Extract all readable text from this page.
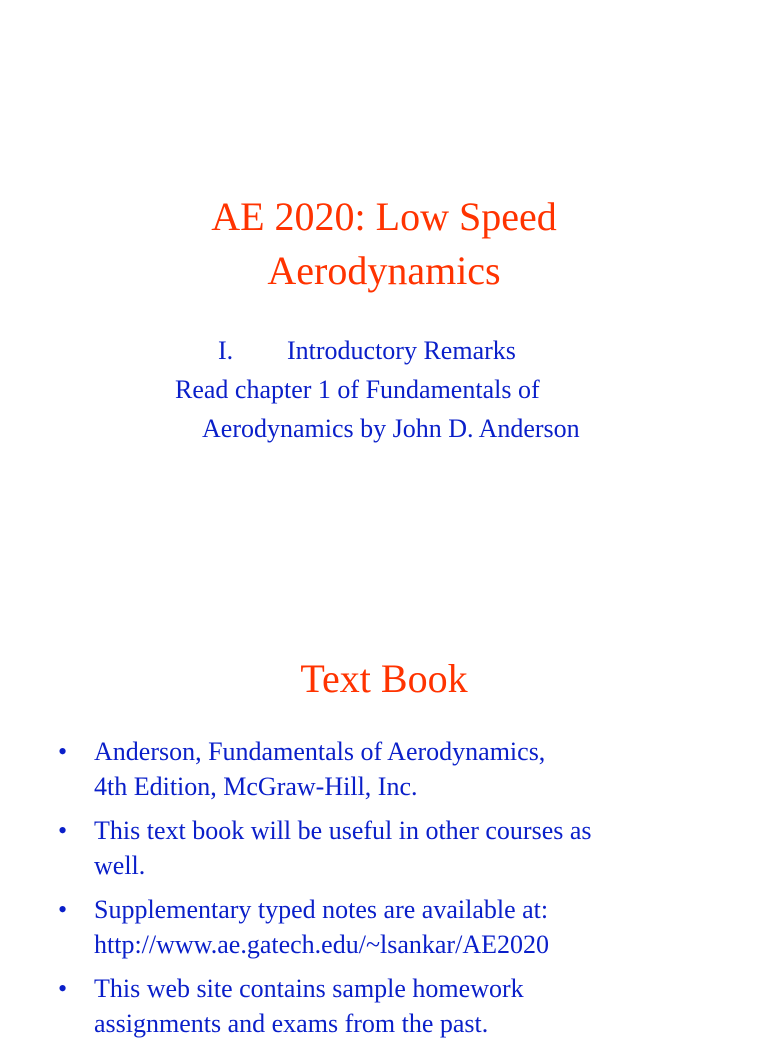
AE 2020: Low Speed
Aerodynamics

I. Introductory Remarks

Read chapter 1 of Fundamentals of

Aerodynamics by John D. Anderson

Text Book
• Anderson, Fundamentals of Aerodynamics,
4th Edition, McGraw-Hill, Inc.
• This text book will be useful in other courses as
well.
• Supplementary typed notes are available at:
http://www.ae.gatech.edu/~lsankar/AE2020
• This web site contains sample homework
assignments and exams from the past.
